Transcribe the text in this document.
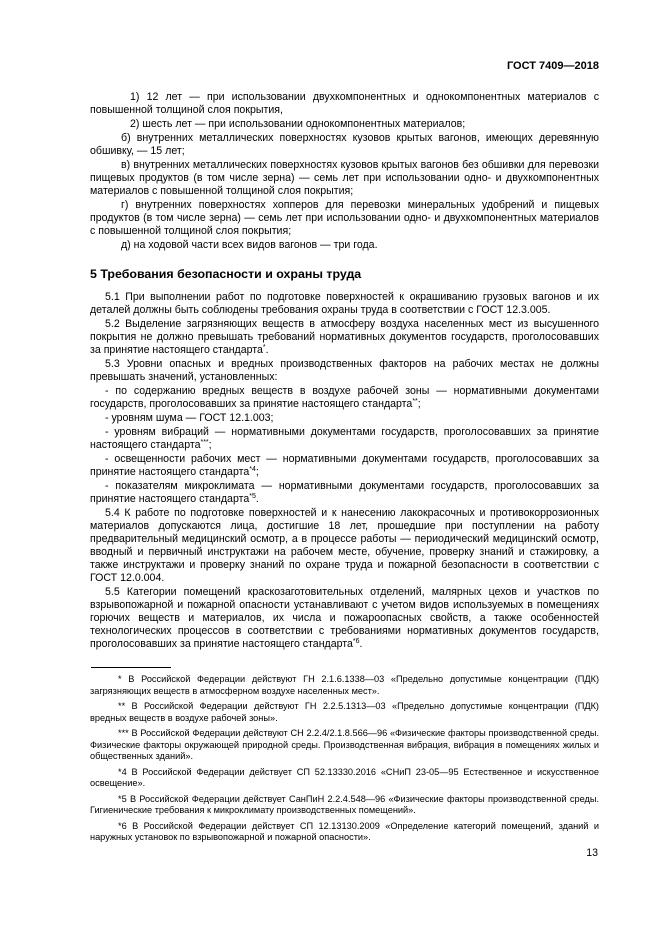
ГОСТ 7409—2018

1) 12 лет — при использовании двухкомпонентных и однокомпонентных материалов с повышенной толщиной слоя покрытия,

2) шесть лет — при использовании однокомпонентных материалов;

б) внутренних металлических поверхностях кузовов крытых вагонов, имеющих деревянную обшивку, — 15 лет;

в) внутренних металлических поверхностях кузовов крытых вагонов без обшивки для перевозки пищевых продуктов (в том числе зерна) — семь лет при использовании одно- и двухкомпонентных материалов с повышенной толщиной слоя покрытия;

г) внутренних поверхностях хопперов для перевозки минеральных удобрений и пищевых продуктов (в том числе зерна) — семь лет при использовании одно- и двухкомпонентных материалов с повышенной толщиной слоя покрытия;

д) на ходовой части всех видов вагонов — три года.

5 Требования безопасности и охраны труда

5.1 При выполнении работ по подготовке поверхностей к окрашиванию грузовых вагонов и их деталей должны быть соблюдены требования охраны труда в соответствии с ГОСТ 12.3.005.

5.2 Выделение загрязняющих веществ в атмосферу воздуха населенных мест из высушенного покрытия не должно превышать требований нормативных документов государств, проголосовавших за принятие настоящего стандарта*.

5.3 Уровни опасных и вредных производственных факторов на рабочих местах не должны превышать значений, установленных:

- по содержанию вредных веществ в воздухе рабочей зоны — нормативными документами государств, проголосовавших за принятие настоящего стандарта**;

- уровням шума — ГОСТ 12.1.003;

- уровням вибраций — нормативными документами государств, проголосовавших за принятие настоящего стандарта***;

- освещенности рабочих мест — нормативными документами государств, проголосовавших за принятие настоящего стандарта$^{*4}$;

- показателям микроклимата — нормативными документами государств, проголосовавших за принятие настоящего стандарта$^{*5}$.

5.4 К работе по подготовке поверхностей и к нанесению лакокрасочных и противокоррозионных материалов допускаются лица, достигшие 18 лет, прошедшие при поступлении на работу предварительный медицинский осмотр, а в процессе работы — периодический медицинский осмотр, вводный и первичный инструктажи на рабочем месте, обучение, проверку знаний и стажировку, а также инструктажи и проверку знаний по охране труда и пожарной безопасности в соответствии с ГОСТ 12.0.004.

5.5 Категории помещений краскозаготовительных отделений, малярных цехов и участков по взрывопожарной и пожарной опасности устанавливают с учетом видов используемых в помещениях горючих веществ и материалов, их числа и пожароопасных свойств, а также особенностей технологических процессов в соответствии с требованиями нормативных документов государств, проголосовавших за принятие настоящего стандарта$^{*6}$.

* В Российской Федерации действуют ГН 2.1.6.1338—03 «Предельно допустимые концентрации (ПДК) загрязняющих веществ в атмосферном воздухе населенных мест».

** В Российской Федерации действуют ГН 2.2.5.1313—03 «Предельно допустимые концентрации (ПДК) вредных веществ в воздухе рабочей зоны».

*** В Российской Федерации действуют СН 2.2.4/2.1.8.566—96 «Физические факторы производственной среды. Физические факторы окружающей природной среды. Производственная вибрация, вибрация в помещениях жилых и общественных зданий».

*4 В Российской Федерации действует СП 52.13330.2016 «СНиП 23-05—95 Естественное и искусственное освещение».

*5 В Российской Федерации действует СанПиН 2.2.4.548—96 «Физические факторы производственной среды. Гигиенические требования к микроклимату производственных помещений».

*6 В Российской Федерации действует СП 12.13130.2009 «Определение категорий помещений, зданий и наружных установок по взрывопожарной и пожарной опасности».

13
